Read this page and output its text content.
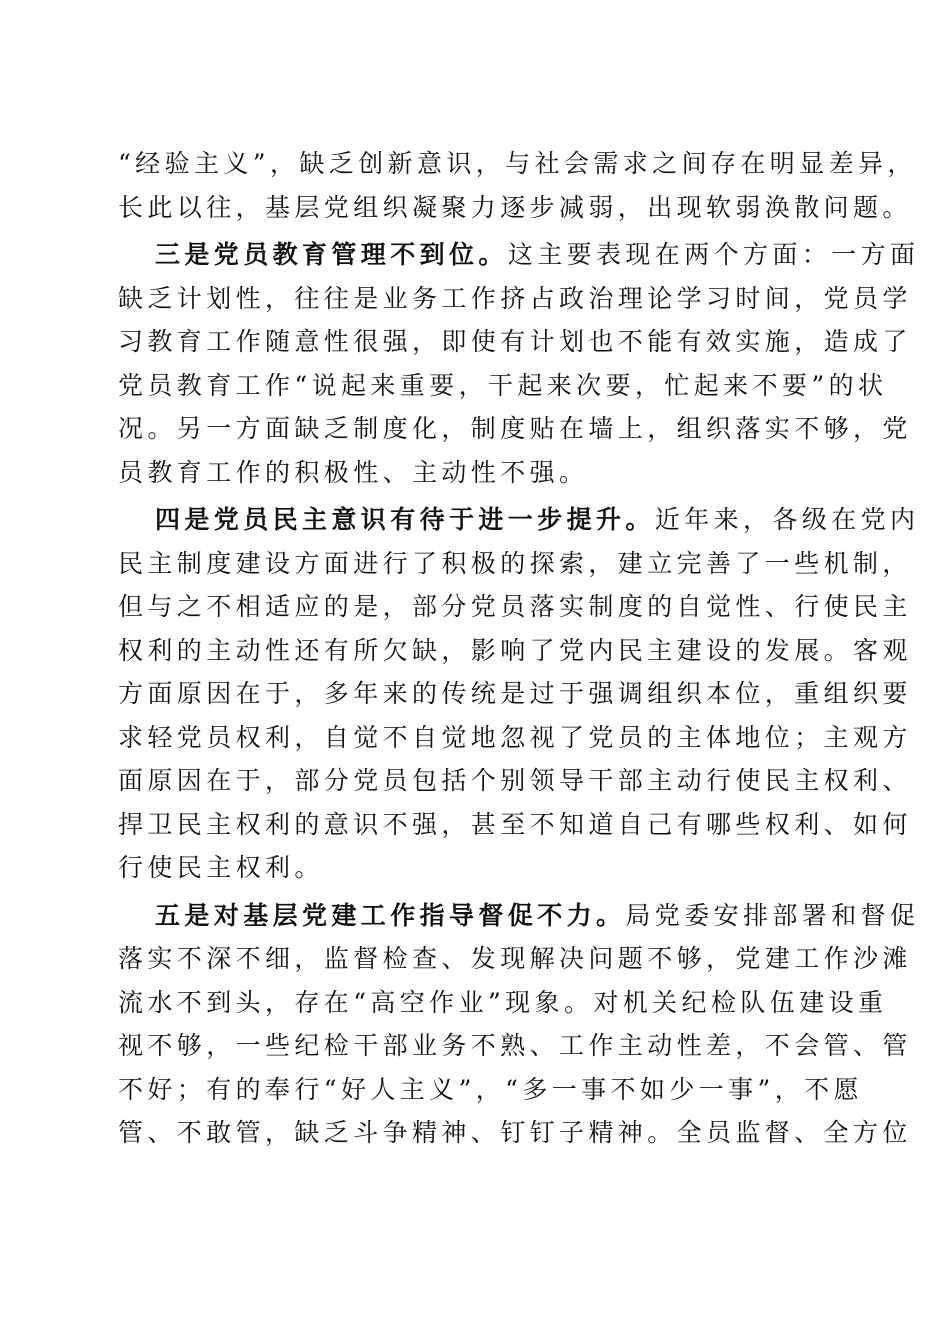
“经验主义”，缺乏创新意识，与社会需求之间存在明显差异，
长此以往，基层党组织凝聚力逐步减弱，出现软弱涣散问题。

三是党员教育管理不到位。这主要表现在两个方面：一方面
缺乏计划性，往往是业务工作挤占政治理论学习时间，党员学
习教育工作随意性很强，即使有计划也不能有效实施，造成了
党员教育工作“说起来重要，干起来次要，忙起来不要”的状
况。另一方面缺乏制度化，制度贴在墙上，组织落实不够，党
员教育工作的积极性、主动性不强。

四是党员民主意识有待于进一步提升。近年来，各级在党内
民主制度建设方面进行了积极的探索，建立完善了一些机制，
但与之不相适应的是，部分党员落实制度的自觉性、行使民主
权利的主动性还有所欠缺，影响了党内民主建设的发展。客观
方面原因在于，多年来的传统是过于强调组织本位，重组织要
求轻党员权利，自觉不自觉地忽视了党员的主体地位；主观方
面原因在于，部分党员包括个别领导干部主动行使民主权利、
捍卫民主权利的意识不强，甚至不知道自己有哪些权利、如何
行使民主权利。

五是对基层党建工作指导督促不力。局党委安排部署和督促
落实不深不细，监督检查、发现解决问题不够，党建工作沙滩
流水不到头，存在“高空作业”现象。对机关纪检队伍建设重
视不够，一些纪检干部业务不熟、工作主动性差，不会管、管
不好；有的奉行“好人主义”，“多一事不如少一事”，不愿
管、不敢管，缺乏斗争精神、钉钉子精神。全员监督、全方位
